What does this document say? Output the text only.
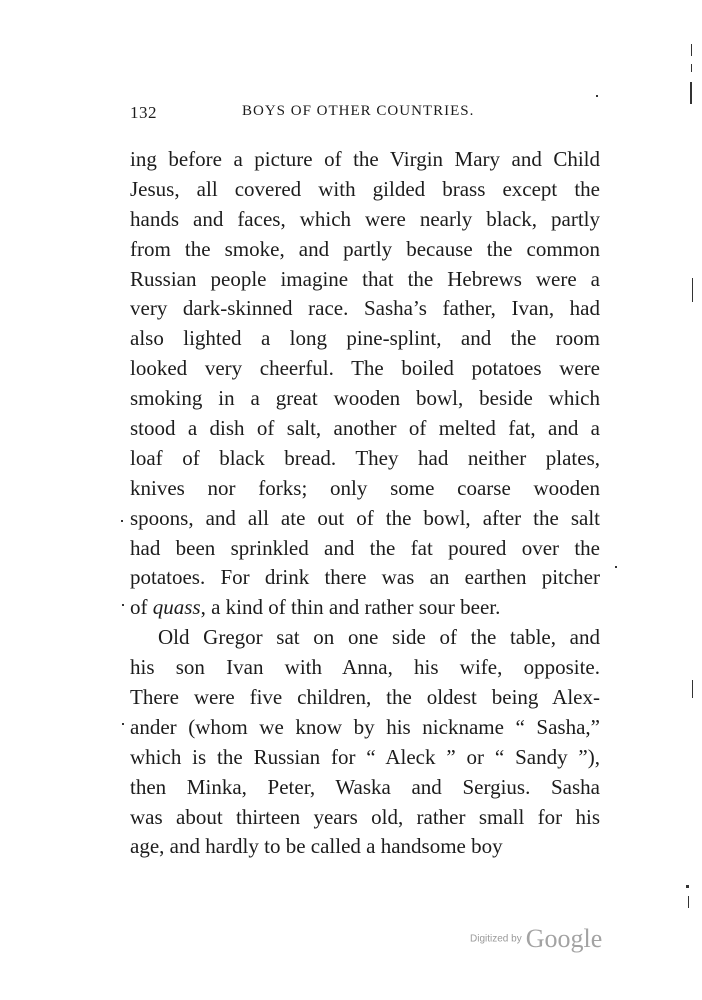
132	BOYS OF OTHER COUNTRIES.
ing before a picture of the Virgin Mary and Child
Jesus, all covered with gilded brass except the
hands and faces, which were nearly black, partly
from the smoke, and partly because the common
Russian people imagine that the Hebrews were a
very dark-skinned race. Sasha’s father, Ivan, had
also lighted a long pine-splint, and the room
looked very cheerful. The boiled potatoes were
smoking in a great wooden bowl, beside which
stood a dish of salt, another of melted fat, and a
loaf of black bread. They had neither plates,
knives nor forks; only some coarse wooden
spoons, and all ate out of the bowl, after the salt
had been sprinkled and the fat poured over the
potatoes. For drink there was an earthen pitcher
of quass, a kind of thin and rather sour beer.
Old Gregor sat on one side of the table, and
his son Ivan with Anna, his wife, opposite.
There were five children, the oldest being Alex-
ander (whom we know by his nickname “ Sasha,”
which is the Russian for “ Aleck ” or “ Sandy ”),
then Minka, Peter, Waska and Sergius. Sasha
was about thirteen years old, rather small for his
age, and hardly to be called a handsome boy
Digitized by Google
